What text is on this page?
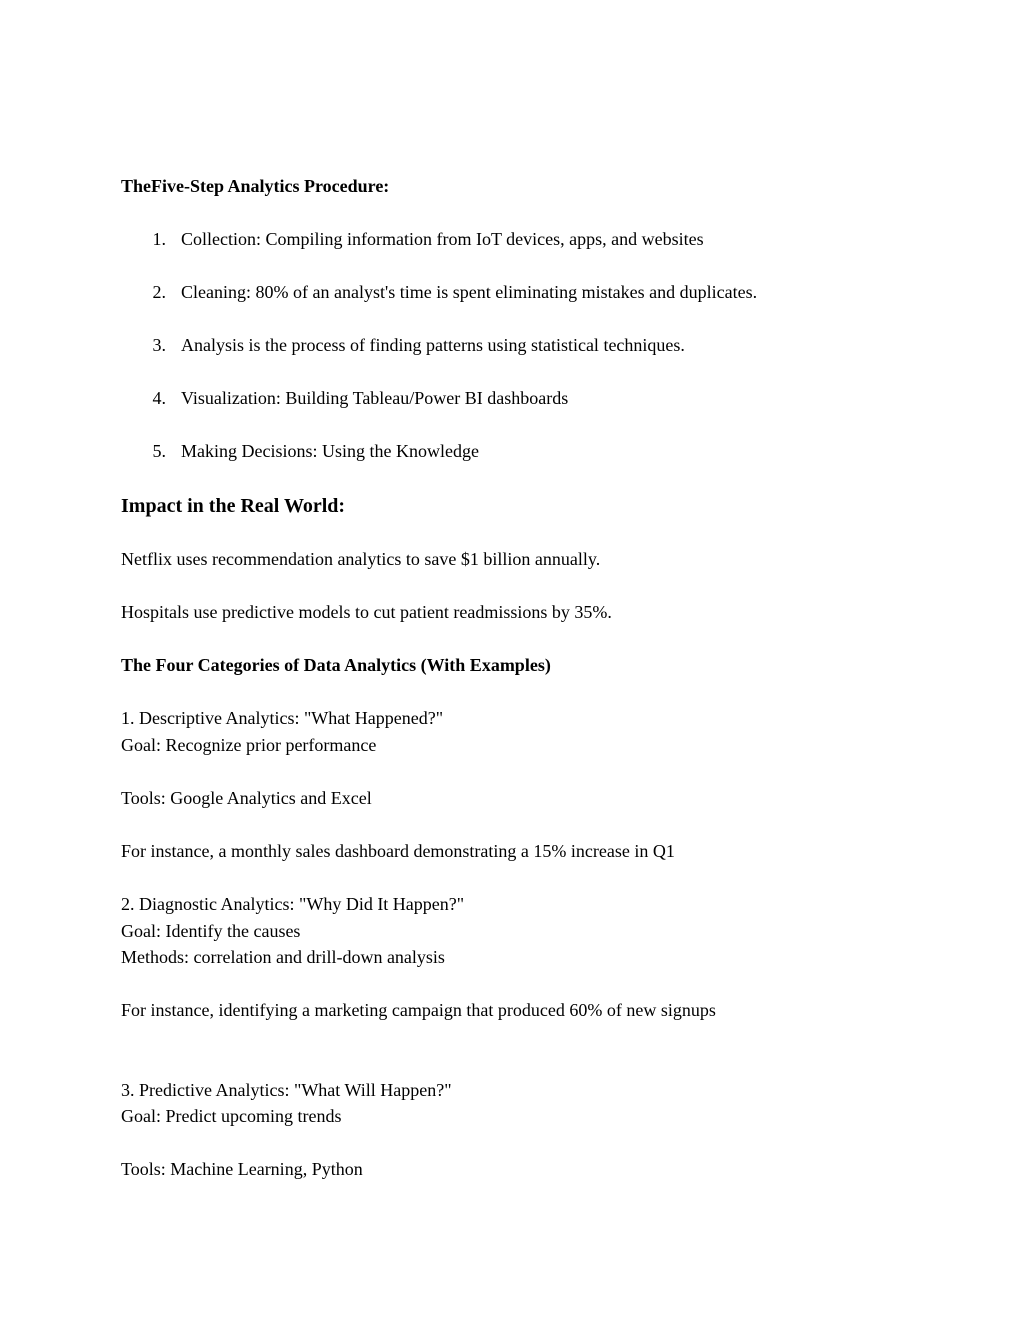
TheFive-Step Analytics Procedure:
1. Collection: Compiling information from IoT devices, apps, and websites
2. Cleaning: 80% of an analyst's time is spent eliminating mistakes and duplicates.
3. Analysis is the process of finding patterns using statistical techniques.
4. Visualization: Building Tableau/Power BI dashboards
5. Making Decisions: Using the Knowledge
Impact in the Real World:
Netflix uses recommendation analytics to save $1 billion annually.
Hospitals use predictive models to cut patient readmissions by 35%.
The Four Categories of Data Analytics (With Examples)
1. Descriptive Analytics: "What Happened?"
Goal: Recognize prior performance
Tools: Google Analytics and Excel
For instance, a monthly sales dashboard demonstrating a 15% increase in Q1
2. Diagnostic Analytics: "Why Did It Happen?"
Goal: Identify the causes
Methods: correlation and drill-down analysis
For instance, identifying a marketing campaign that produced 60% of new signups
3. Predictive Analytics: "What Will Happen?"
Goal: Predict upcoming trends
Tools: Machine Learning, Python
